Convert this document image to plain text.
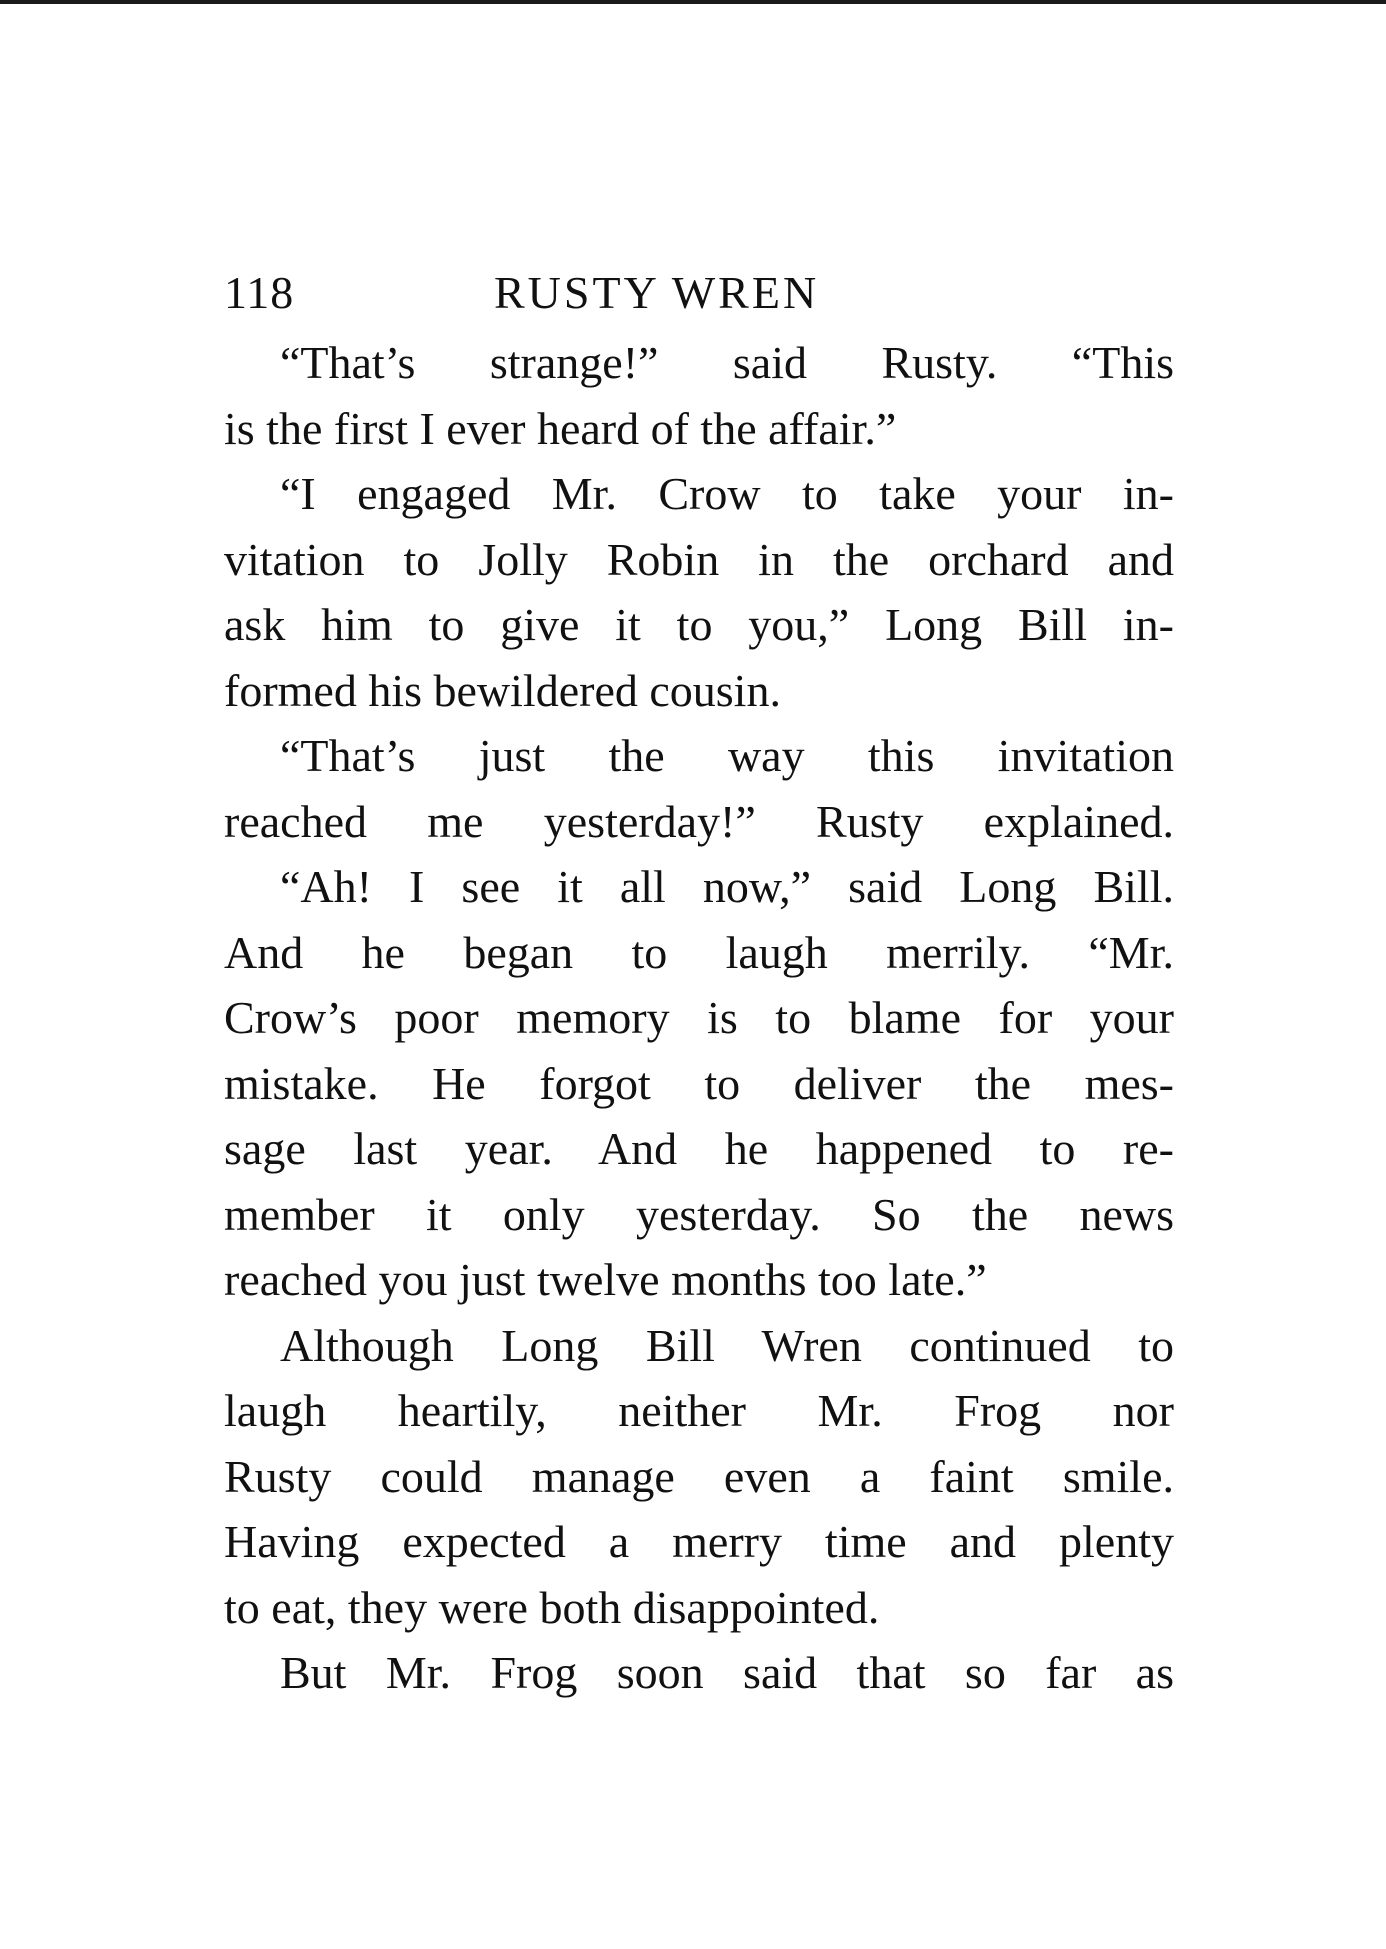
118	RUSTY WREN

“That’s strange!” said Rusty. “This
is the first I ever heard of the affair.”

“I engaged Mr. Crow to take your in-
vitation to Jolly Robin in the orchard and
ask him to give it to you,” Long Bill in-
formed his bewildered cousin.

“That’s just the way this invitation
reached me yesterday!” Rusty explained.

“Ah! I see it all now,” said Long Bill.
And he began to laugh merrily. “Mr.
Crow’s poor memory is to blame for your
mistake. He forgot to deliver the mes-
sage last year. And he happened to re-
member it only yesterday. So the news
reached you just twelve months too late.”

Although Long Bill Wren continued to
laugh heartily, neither Mr. Frog nor
Rusty could manage even a faint smile.
Having expected a merry time and plenty
to eat, they were both disappointed.

But Mr. Frog soon said that so far as
